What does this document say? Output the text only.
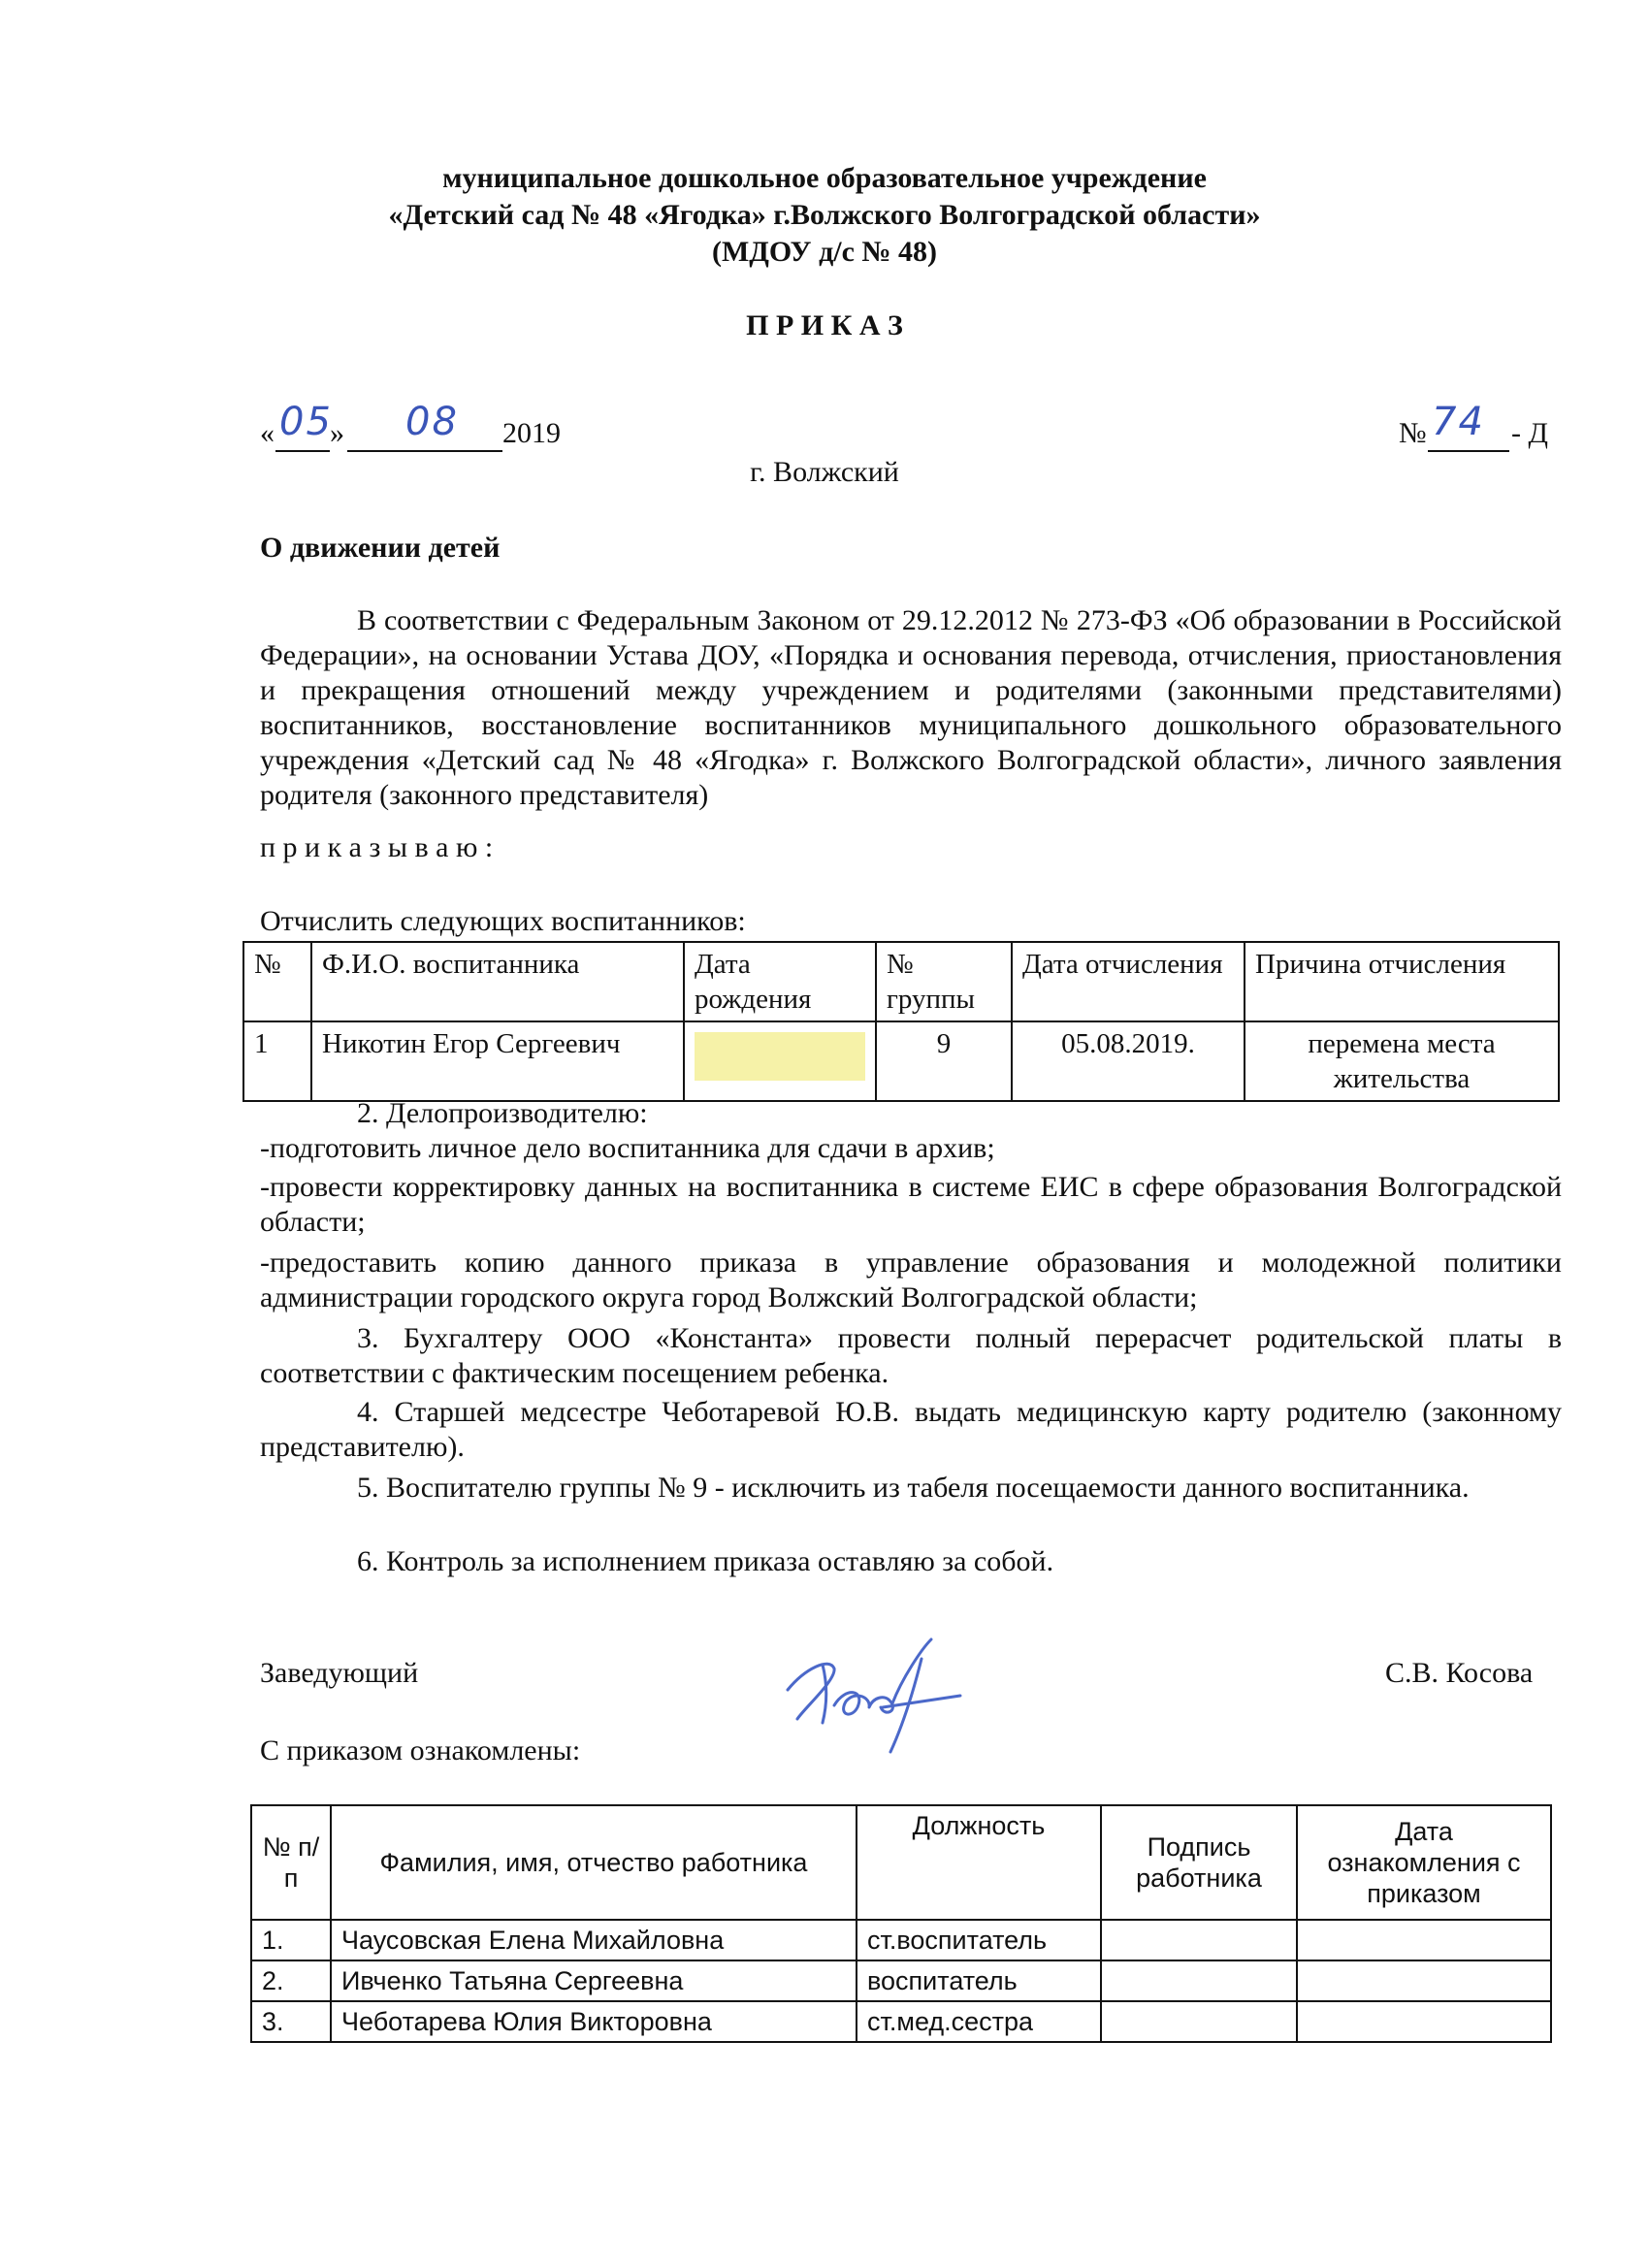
муниципальное дошкольное образовательное учреждение
«Детский сад № 48 «Ягодка» г.Волжского Волгоградской области»
(МДОУ д/с № 48)
П Р И К А З
« 05
» 08 2019	№ 74 - Д
г. Волжский
О движении детей
В соответствии с Федеральным Законом от 29.12.2012 № 273-ФЗ «Об образовании в Российской Федерации», на основании Устава ДОУ, «Порядка и основания перевода, отчисления, приостановления и прекращения отношений между учреждением и родителями (законными представителями) воспитанников, восстановление воспитанников муниципального дошкольного образовательного учреждения «Детский сад № 48 «Ягодка» г. Волжского Волгоградской области», личного заявления родителя (законного представителя)
п р и к а з ы в а ю :
Отчислить следующих воспитанников:
№	Ф.И.О. воспитанника	Дата рождения	№ группы	Дата отчисления	Причина отчисления
1	Никотин Егор Сергеевич		9	05.08.2019.	перемена места жительства
2. Делопроизводителю:
-подготовить личное дело воспитанника для сдачи в архив;
-провести корректировку данных на воспитанника в системе ЕИС в сфере образования Волгоградской области;
-предоставить копию данного приказа в управление образования и молодежной политики администрации городского округа город Волжский Волгоградской области;
3. Бухгалтеру ООО «Константа» провести полный перерасчет родительской платы в соответствии с фактическим посещением ребенка.
4. Старшей медсестре Чеботаревой Ю.В. выдать медицинскую карту родителю (законному представителю).
5. Воспитателю группы № 9 - исключить из табеля посещаемости данного воспитанника.
6. Контроль за исполнением приказа оставляю за собой.
Заведующий	С.В. Косова
С приказом ознакомлены:
№ п/п	Фамилия, имя, отчество работника	Должность	Подпись работника	Дата ознакомления с приказом
1.	Чаусовская Елена Михайловна	ст.воспитатель		
2.	Ивченко Татьяна Сергеевна	воспитатель		
3.	Чеботарева Юлия Викторовна	ст.мед.сестра		
